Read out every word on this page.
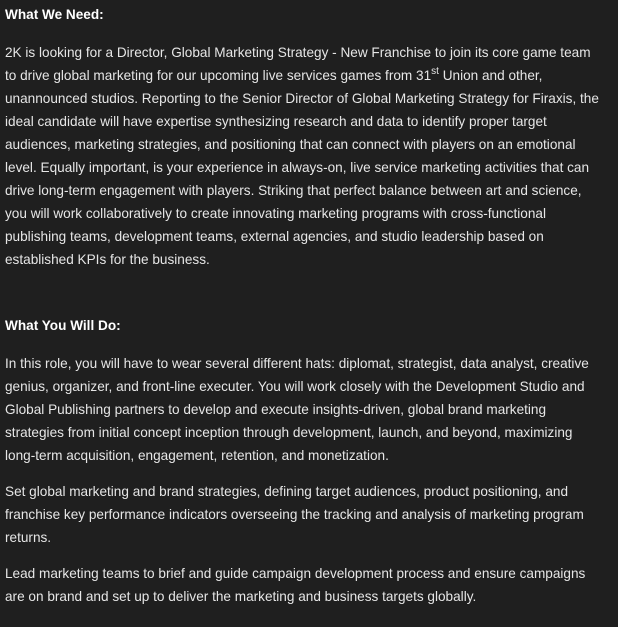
What We Need:

2K is looking for a Director, Global Marketing Strategy - New Franchise to join its core game team to drive global marketing for our upcoming live services games from 31st Union and other, unannounced studios. Reporting to the Senior Director of Global Marketing Strategy for Firaxis, the ideal candidate will have expertise synthesizing research and data to identify proper target audiences, marketing strategies, and positioning that can connect with players on an emotional level. Equally important, is your experience in always-on, live service marketing activities that can drive long-term engagement with players. Striking that perfect balance between art and science, you will work collaboratively to create innovating marketing programs with cross-functional publishing teams, development teams, external agencies, and studio leadership based on established KPIs for the business.

What You Will Do:

In this role, you will have to wear several different hats: diplomat, strategist, data analyst, creative genius, organizer, and front-line executer. You will work closely with the Development Studio and Global Publishing partners to develop and execute insights-driven, global brand marketing strategies from initial concept inception through development, launch, and beyond, maximizing long-term acquisition, engagement, retention, and monetization.

Set global marketing and brand strategies, defining target audiences, product positioning, and franchise key performance indicators overseeing the tracking and analysis of marketing program returns.

Lead marketing teams to brief and guide campaign development process and ensure campaigns are on brand and set up to deliver the marketing and business targets globally.
